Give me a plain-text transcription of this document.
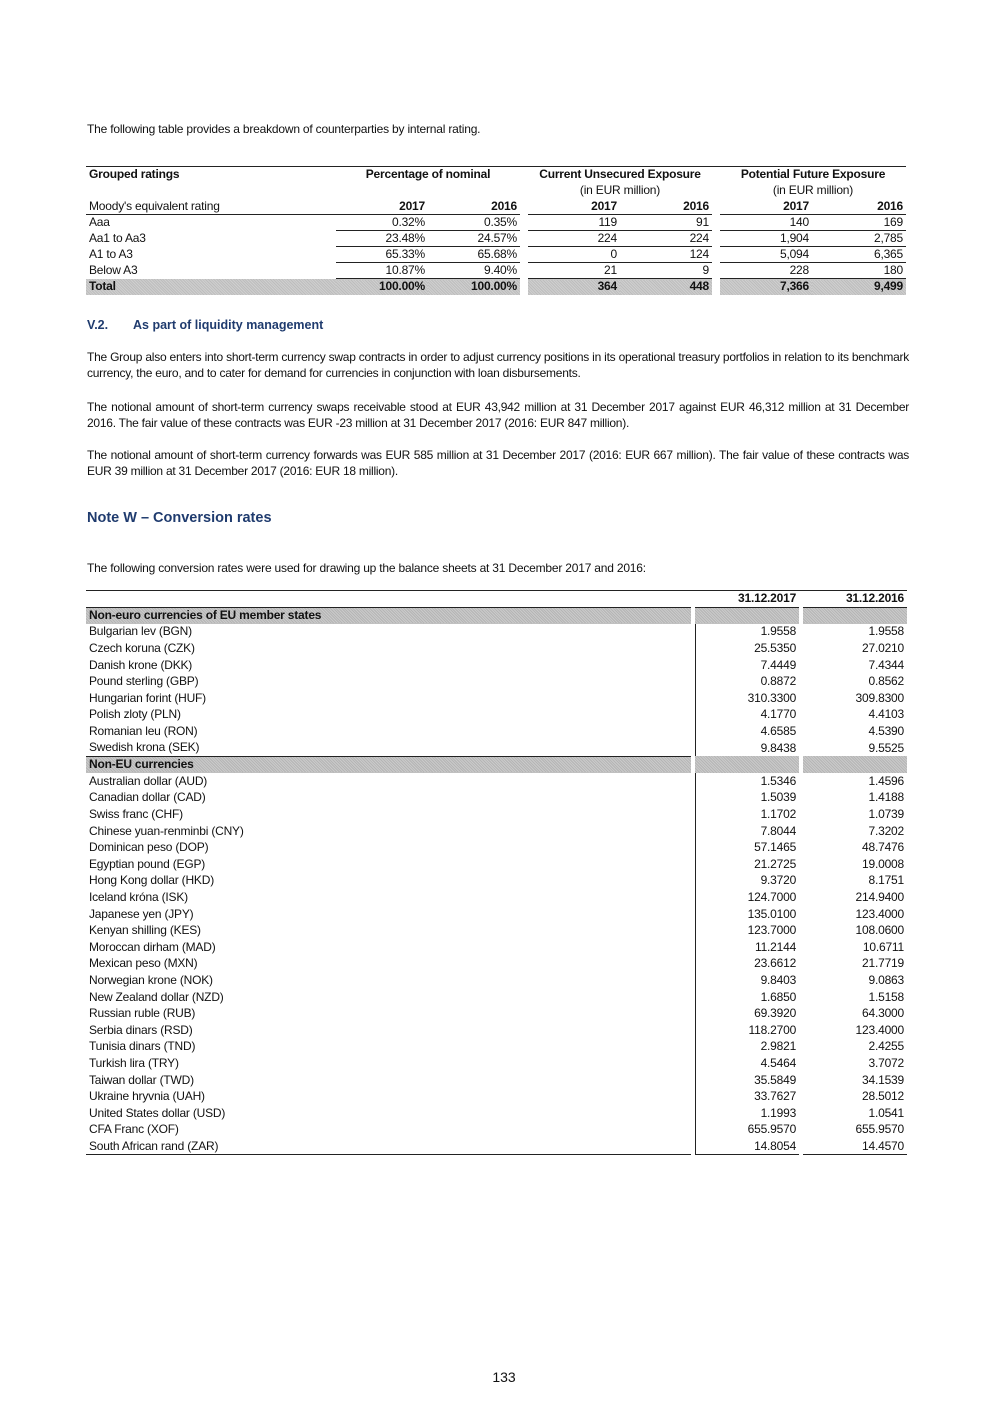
The following table provides a breakdown of counterparties by internal rating.
Grouped ratings	Percentage of nominal			Current Unsecured Exposure			Potential Future Exposure	
				(in EUR million)			(in EUR million)	
Moody's equivalent rating	2017	2016		2017	2016		2017	2016
Aaa	0.32%	0.35%		119	91		140	169
Aa1 to Aa3	23.48%	24.57%		224	224		1,904	2,785
A1 to A3	65.33%	65.68%		0	124		5,094	6,365
Below A3	10.87%	9.40%		21	9		228	180
Total	100.00%	100.00%		364	448		7,366	9,499
V.2. As part of liquidity management
The Group also enters into short-term currency swap contracts in order to adjust currency positions in its operational treasury portfolios in relation to its benchmark currency, the euro, and to cater for demand for currencies in conjunction with loan disbursements.
The notional amount of short-term currency swaps receivable stood at EUR 43,942 million at 31 December 2017 against EUR 46,312 million at 31 December 2016. The fair value of these contracts was EUR -23 million at 31 December 2017 (2016: EUR 847 million).
The notional amount of short-term currency forwards was EUR 585 million at 31 December 2017 (2016: EUR 667 million). The fair value of these contracts was EUR 39 million at 31 December 2017 (2016: EUR 18 million).
Note W – Conversion rates
The following conversion rates were used for drawing up the balance sheets at 31 December 2017 and 2016:
		31.12.2017		31.12.2016
Non-euro currencies of EU member states				
Bulgarian lev (BGN)		1.9558		1.9558
Czech koruna (CZK)		25.5350		27.0210
Danish krone (DKK)		7.4449		7.4344
Pound sterling (GBP)		0.8872		0.8562
Hungarian forint (HUF)		310.3300		309.8300
Polish zloty (PLN)		4.1770		4.4103
Romanian leu (RON)		4.6585		4.5390
Swedish krona (SEK)		9.8438		9.5525
Non-EU currencies				
Australian dollar (AUD)		1.5346		1.4596
Canadian dollar (CAD)		1.5039		1.4188
Swiss franc (CHF)		1.1702		1.0739
Chinese yuan-renminbi (CNY)		7.8044		7.3202
Dominican peso (DOP)		57.1465		48.7476
Egyptian pound (EGP)		21.2725		19.0008
Hong Kong dollar (HKD)		9.3720		8.1751
Iceland króna (ISK)		124.7000		214.9400
Japanese yen (JPY)		135.0100		123.4000
Kenyan shilling (KES)		123.7000		108.0600
Moroccan dirham (MAD)		11.2144		10.6711
Mexican peso (MXN)		23.6612		21.7719
Norwegian krone (NOK)		9.8403		9.0863
New Zealand dollar (NZD)		1.6850		1.5158
Russian ruble (RUB)		69.3920		64.3000
Serbia dinars (RSD)		118.2700		123.4000
Tunisia dinars (TND)		2.9821		2.4255
Turkish lira (TRY)		4.5464		3.7072
Taiwan dollar (TWD)		35.5849		34.1539
Ukraine hryvnia (UAH)		33.7627		28.5012
United States dollar (USD)		1.1993		1.0541
CFA Franc (XOF)		655.9570		655.9570
South African rand (ZAR)		14.8054		14.4570
133
